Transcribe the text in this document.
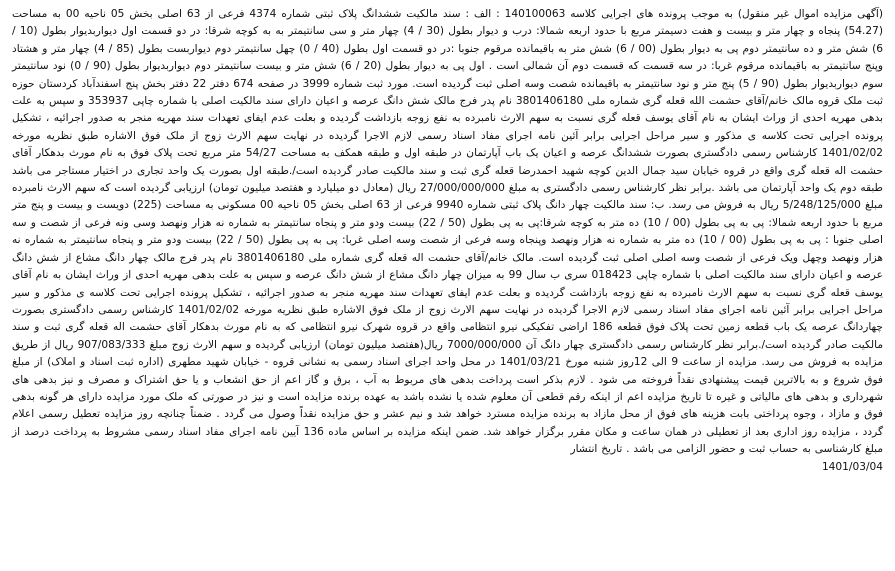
(آگهی مزایده اموال غیر منقول) به موجب پرونده های اجرایی کلاسه 140100063 : الف : سند مالکیت ششدانگ پلاک ثبتی شماره 4374 فرعی از 63 اصلی بخش 05 ناحیه 00 به مساحت (54.27) پنجاه و چهار متر و بیست و هفت دسیمتر مربع با حدود اربعه شمالا: درب و دیوار بطول (30 / 4) چهار متر و سی سانتیمتر به به کوچه شرقا: در دو قسمت اول دیواربدیوار بطول (10 / 6) شش متر و ده سانتیمتر دوم پی به دیوار بطول (00 / 6) شش متر به باقیمانده مرقوم جنوبا :در دو قسمت اول بطول (40 / 0) چهل سانتیمتر دوم دیواربست بطول (85 / 4) چهار متر و هشتاد وپنج سانتیمتر به باقیمانده مرقوم غربا: در سه قسمت که قسمت دوم آن شمالی است . اول پی به دیوار بطول (20 / 6) شش متر و بیست سانتیمتر دوم دیواربدیوار بطول (90 / 0) نود سانتیمتر سوم دیواربدیوار بطول (90 / 5) پنج متر و نود سانتیمتر به باقیمانده شصت وسه اصلی ثبت گردیده است. مورد ثبت شماره 3999 در صفحه 674 دفتر 22 دفتر بخش پنج اسفندآباد کردستان حوزه ثبت ملک قروه مالک خانم/آقای حشمت الله قعله گری شماره ملی 3801406180 نام پدر فرج مالک شش دانگ عرصه و اعیان دارای سند مالکیت اصلی با شماره چاپی 353937 و سپس به علت بدهی مهریه احدی از وراث ایشان به نام آقای یوسف قعله گری نسبت به سهم الارث نامبرده به نفع زوجه بازداشت گردیده و بعلت عدم ایفای تعهدات سند مهریه منجر به صدور اجرائیه ، تشکیل پرونده اجرایی تحت کلاسه ی مذکور و سیر مراحل اجرایی برابر آئین نامه اجرای مفاد اسناد رسمی لازم الاجرا گردیده در نهایت سهم الارث زوج از ملک فوق الاشاره طبق نظریه مورخه 1401/02/02 کارشناس رسمی دادگستری بصورت ششدانگ عرصه و اعیان یک باب آپارتمان در طبقه اول و طبقه همکف به مساحت 54/27 متر مربع تحت پلاک فوق به نام مورث بدهکار آقای حشمت اله قعله گری واقع در قروه خیابان سید جمال الدین کوچه شهید احمدرضا قعله گری ثبت و سند مالکیت صادر گردیده است/.طبقه اول بصورت یک واحد تجاری در اختیار مستاجر می باشد طبقه دوم یک واحد آپارتمان می باشد .برابر نظر کارشناس رسمی دادگستری به مبلغ 27/000/000/000 ریال (معادل دو میلیارد و هفتصد میلیون تومان) ارزیابی گردیده است که سهم الارث نامبرده مبلغ 5/248/125/000 ریال به فروش می رسد. ب: سند مالکیت چهار دانگ پلاک ثبتی شماره 9940 فرعی از 63 اصلی بخش 05 ناحیه 00 مسکونی به مساحت (225) دویست و بیست و پنج متر مربع با حدود اربعه شمالا: پی به پی بطول (00 / 10) ده متر به کوچه شرقا:پی به پی بطول (50 / 22) بیست ودو متر و پنجاه سانتیمتر به شماره نه هزار ونهصد وسی ونه فرعی از شصت و سه اصلی جنوبا : پی به پی بطول (00 / 10) ده متر به شماره نه هزار ونهصد وپنجاه وسه فرعی از شصت وسه اصلی غربا: پی به پی بطول (50 / 22) بیست ودو متر و پنجاه سانتیمتر به شماره نه هزار ونهصد وچهل ویک فرعی از شصت وسه اصلی اصلی ثبت گردیده است. مالک خانم/آقای حشمت اله قعله گری شماره ملی 3801406180 نام پدر فرج مالک چهار دانگ مشاع از شش دانگ عرصه و اعیان دارای سند مالکیت اصلی با شماره چاپی 018423 سری ب سال 99 به میزان چهار دانگ مشاع از شش دانگ عرصه و سپس به علت بدهی مهریه احدی از وراث ایشان به نام آقای یوسف قعله گری نسبت به سهم الارث نامبرده به نفع زوجه بازداشت گردیده و بعلت عدم ایفای تعهدات سند مهریه منجر به صدور اجرائیه ، تشکیل پرونده اجرایی تحت کلاسه ی مذکور و سیر مراحل اجرایی برابر آئین نامه اجرای مفاد اسناد رسمی لازم الاجرا گردیده در نهایت سهم الارث زوج از ملک فوق الاشاره طبق نظریه مورخه 1401/02/02 کارشناس رسمی دادگستری بصورت چهاردانگ عرصه یک باب قطعه زمین تحت پلاک فوق قطعه 186 اراضی تفکیکی نیرو انتظامی واقع در قروه شهرک نیرو انتظامی که به نام مورث بدهکار آقای حشمت اله قعله گری ثبت و سند مالکیت صادر گردیده است/.برابر نظر کارشناس رسمی دادگستری چهار دانگ آن 7000/000/000 ریال(هفتصد میلیون تومان) ارزیابی گردیده و سهم الارث زوج مبلغ 907/083/333 ریال از طریق مزایده به فروش می رسد. مزایده از ساعت 9 الی 12روز شنبه مورخ 1401/03/21 در محل واحد اجرای اسناد رسمی به نشانی قروه - خیابان شهید مطهری (اداره ثبت اسناد و املاک) از مبلغ فوق شروع و به بالاترین قیمت پیشنهادی نقداً فروخته می شود . لازم بذکر است پرداخت بدهی های مربوط به آب ، برق و گاز اعم از حق انشعاب و یا حق اشتراک و مصرف و نیز بدهی های شهرداری و بدهی های مالیاتی و غیره تا تاریخ مزایده اعم از اینکه رقم قطعی آن معلوم شده یا نشده باشد به عهده برنده مزایده است و نیز در صورتی که ملک مورد مزایده دارای هر گونه بدهی فوق و مازاد ، وجوه پرداختی بابت هزینه های فوق از محل مازاد به برنده مزایده مسترد خواهد شد و نیم عشر و حق مزایده نقداً وصول می گردد . ضمناً چنانچه روز مزایده تعطیل رسمی اعلام گردد ، مزایده روز اداری بعد از تعطیلی در همان ساعت و مکان مقرر برگزار خواهد شد. ضمن اینکه مزایده بر اساس ماده 136 آیین نامه اجرای مفاد اسناد رسمی مشروط به پرداخت درصد از مبلغ کارشناسی به حساب ثبت و حضور الزامی می باشد . تاریخ انتشار

1401/03/04
